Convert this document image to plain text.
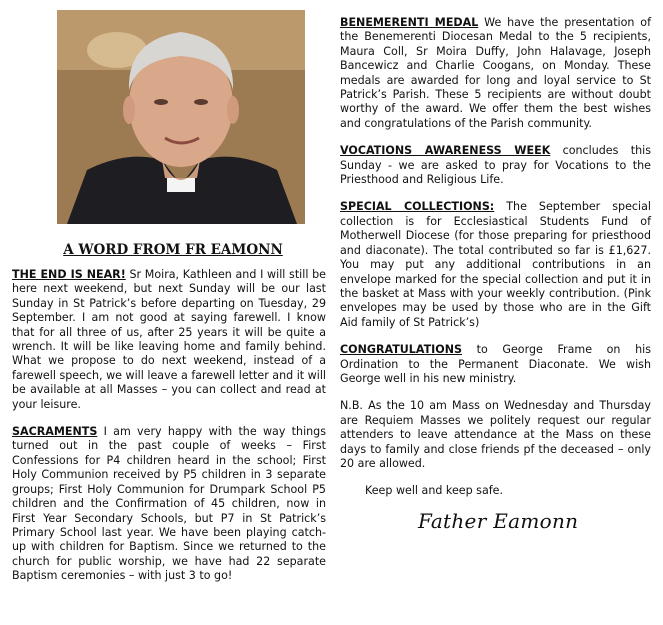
A WORD FROM FR EAMONN

THE END IS NEAR! Sr Moira, Kathleen and I will still be here next weekend, but next Sunday will be our last Sunday in St Patrick’s before departing on Tuesday, 29 September. I am not good at saying farewell. I know that for all three of us, after 25 years it will be quite a wrench. It will be like leaving home and family behind. What we propose to do next weekend, instead of a farewell speech, we will leave a farewell letter and it will be available at all Masses – you can collect and read at your leisure.

SACRAMENTS I am very happy with the way things turned out in the past couple of weeks – First Confessions for P4 children heard in the school; First Holy Communion received by P5 children in 3 separate groups; First Holy Communion for Drumpark School P5 children and the Confirmation of 45 children, now in First Year Secondary Schools, but P7 in St Patrick’s Primary School last year. We have been playing catch-up with children for Baptism. Since we returned to the church for public worship, we have had 22 separate Baptism ceremonies – with just 3 to go!

BENEMERENTI MEDAL We have the presentation of the Benemerenti Diocesan Medal to the 5 recipients, Maura Coll, Sr Moira Duffy, John Halavage, Joseph Bancewicz and Charlie Coogans, on Monday. These medals are awarded for long and loyal service to St Patrick’s Parish. These 5 recipients are without doubt worthy of the award. We offer them the best wishes and congratulations of the Parish community.

VOCATIONS AWARENESS WEEK concludes this Sunday - we are asked to pray for Vocations to the Priesthood and Religious Life.

SPECIAL COLLECTIONS: The September special collection is for Ecclesiastical Students Fund of Motherwell Diocese (for those preparing for priesthood and diaconate). The total contributed so far is £1,627. You may put any additional contributions in an envelope marked for the special collection and put it in the basket at Mass with your weekly contribution. (Pink envelopes may be used by those who are in the Gift Aid family of St Patrick’s)

CONGRATULATIONS to George Frame on his Ordination to the Permanent Diaconate. We wish George well in his new ministry.

N.B. As the 10 am Mass on Wednesday and Thursday are Requiem Masses we politely request our regular attenders to leave attendance at the Mass on these days to family and close friends pf the deceased – only 20 are allowed.

Keep well and keep safe.
Father Eamonn
